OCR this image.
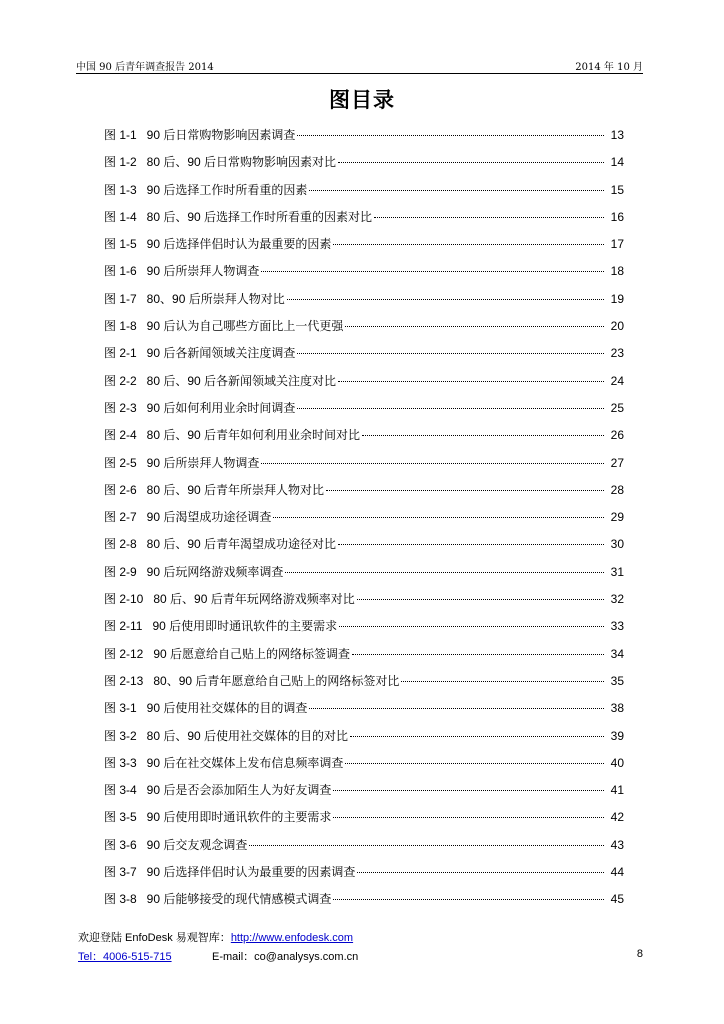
中国 90 后青年调查报告 2014	2014 年 10 月
图目录
图 1-1   90 后日常购物影响因素调查	13
图 1-2   80 后、90 后日常购物影响因素对比	14
图 1-3   90 后选择工作时所看重的因素	15
图 1-4   80 后、90 后选择工作时所看重的因素对比	16
图 1-5   90 后选择伴侣时认为最重要的因素	17
图 1-6   90 后所崇拜人物调查	18
图 1-7   80、90 后所崇拜人物对比	19
图 1-8   90 后认为自己哪些方面比上一代更强	20
图 2-1   90 后各新闻领域关注度调查	23
图 2-2   80 后、90 后各新闻领域关注度对比	24
图 2-3   90 后如何利用业余时间调查	25
图 2-4   80 后、90 后青年如何利用业余时间对比	26
图 2-5   90 后所崇拜人物调查	27
图 2-6   80 后、90 后青年所崇拜人物对比	28
图 2-7   90 后渴望成功途径调查	29
图 2-8   80 后、90 后青年渴望成功途径对比	30
图 2-9   90 后玩网络游戏频率调查	31
图 2-10   80 后、90 后青年玩网络游戏频率对比	32
图 2-11   90 后使用即时通讯软件的主要需求	33
图 2-12   90 后愿意给自己贴上的网络标签调查	34
图 2-13   80、90 后青年愿意给自己贴上的网络标签对比	35
图 3-1   90 后使用社交媒体的目的调查	38
图 3-2   80 后、90 后使用社交媒体的目的对比	39
图 3-3   90 后在社交媒体上发布信息频率调查	40
图 3-4   90 后是否会添加陌生人为好友调查	41
图 3-5   90 后使用即时通讯软件的主要需求	42
图 3-6   90 后交友观念调查	43
图 3-7   90 后选择伴侣时认为最重要的因素调查	44
图 3-8   90 后能够接受的现代情感模式调查	45
欢迎登陆 EnfoDesk 易观智库：http://www.enfodesk.com
Tel：4006-515-715	E-mail：co@analysys.com.cn	8
